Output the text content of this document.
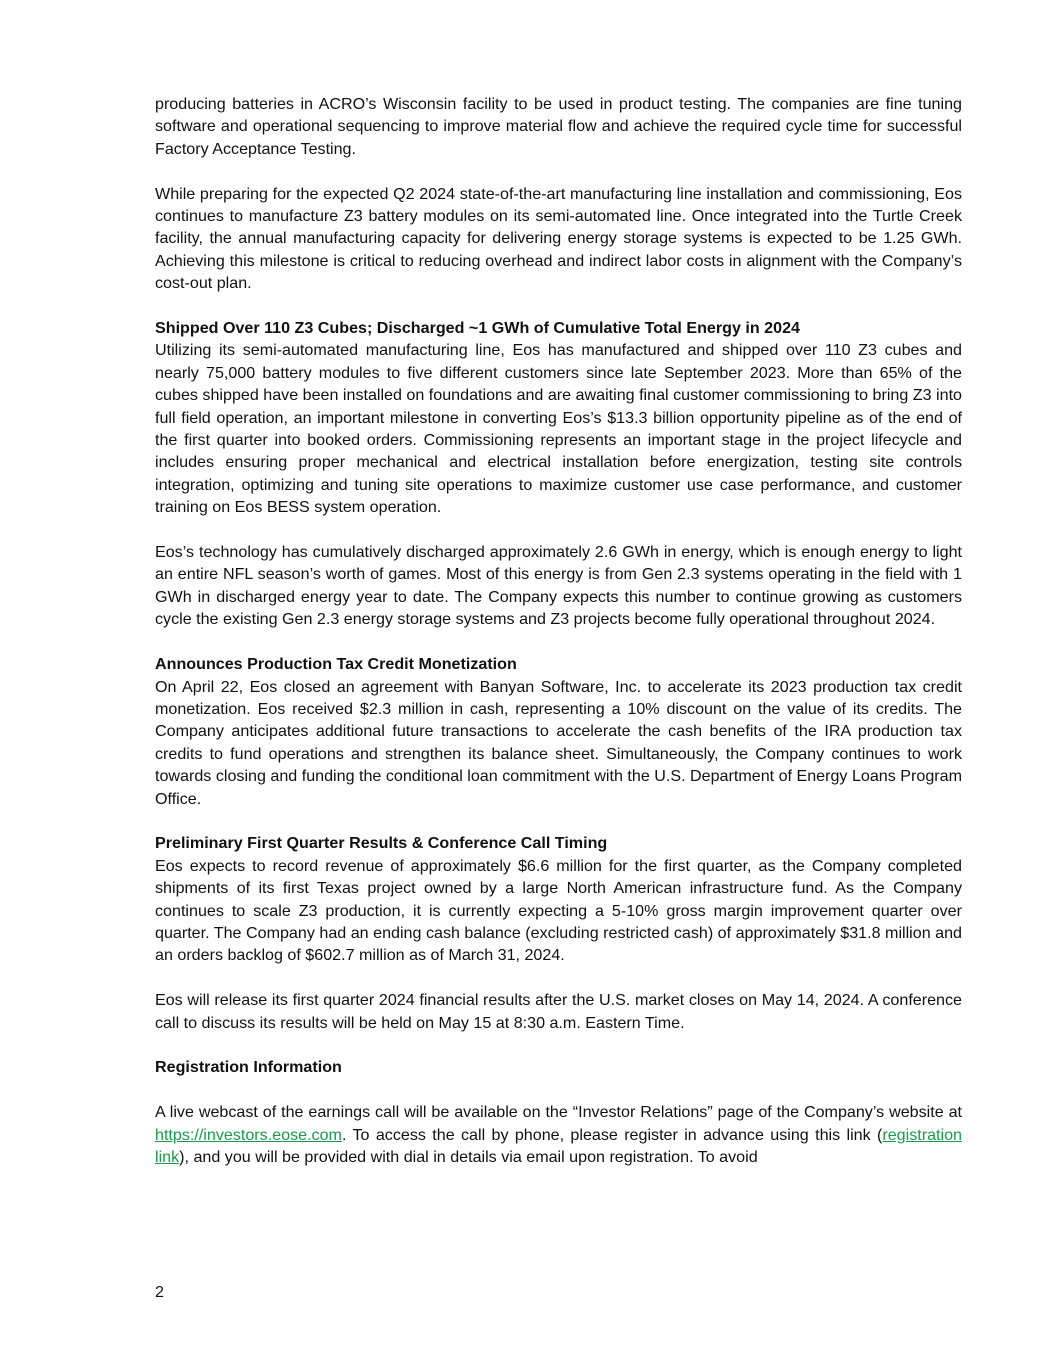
producing batteries in ACRO’s Wisconsin facility to be used in product testing. The companies are fine tuning software and operational sequencing to improve material flow and achieve the required cycle time for successful Factory Acceptance Testing.

While preparing for the expected Q2 2024 state-of-the-art manufacturing line installation and commissioning, Eos continues to manufacture Z3 battery modules on its semi-automated line. Once integrated into the Turtle Creek facility, the annual manufacturing capacity for delivering energy storage systems is expected to be 1.25 GWh. Achieving this milestone is critical to reducing overhead and indirect labor costs in alignment with the Company’s cost-out plan.

Shipped Over 110 Z3 Cubes; Discharged ~1 GWh of Cumulative Total Energy in 2024

Utilizing its semi-automated manufacturing line, Eos has manufactured and shipped over 110 Z3 cubes and nearly 75,000 battery modules to five different customers since late September 2023. More than 65% of the cubes shipped have been installed on foundations and are awaiting final customer commissioning to bring Z3 into full field operation, an important milestone in converting Eos’s $13.3 billion opportunity pipeline as of the end of the first quarter into booked orders. Commissioning represents an important stage in the project lifecycle and includes ensuring proper mechanical and electrical installation before energization, testing site controls integration, optimizing and tuning site operations to maximize customer use case performance, and customer training on Eos BESS system operation.

Eos’s technology has cumulatively discharged approximately 2.6 GWh in energy, which is enough energy to light an entire NFL season’s worth of games. Most of this energy is from Gen 2.3 systems operating in the field with 1 GWh in discharged energy year to date. The Company expects this number to continue growing as customers cycle the existing Gen 2.3 energy storage systems and Z3 projects become fully operational throughout 2024.

Announces Production Tax Credit Monetization

On April 22, Eos closed an agreement with Banyan Software, Inc. to accelerate its 2023 production tax credit monetization. Eos received $2.3 million in cash, representing a 10% discount on the value of its credits. The Company anticipates additional future transactions to accelerate the cash benefits of the IRA production tax credits to fund operations and strengthen its balance sheet. Simultaneously, the Company continues to work towards closing and funding the conditional loan commitment with the U.S. Department of Energy Loans Program Office.

Preliminary First Quarter Results & Conference Call Timing

Eos expects to record revenue of approximately $6.6 million for the first quarter, as the Company completed shipments of its first Texas project owned by a large North American infrastructure fund. As the Company continues to scale Z3 production, it is currently expecting a 5-10% gross margin improvement quarter over quarter. The Company had an ending cash balance (excluding restricted cash) of approximately $31.8 million and an orders backlog of $602.7 million as of March 31, 2024.

Eos will release its first quarter 2024 financial results after the U.S. market closes on May 14, 2024. A conference call to discuss its results will be held on May 15 at 8:30 a.m. Eastern Time.

Registration Information

A live webcast of the earnings call will be available on the “Investor Relations” page of the Company’s website at https://investors.eose.com. To access the call by phone, please register in advance using this link (registration link), and you will be provided with dial in details via email upon registration. To avoid

2
